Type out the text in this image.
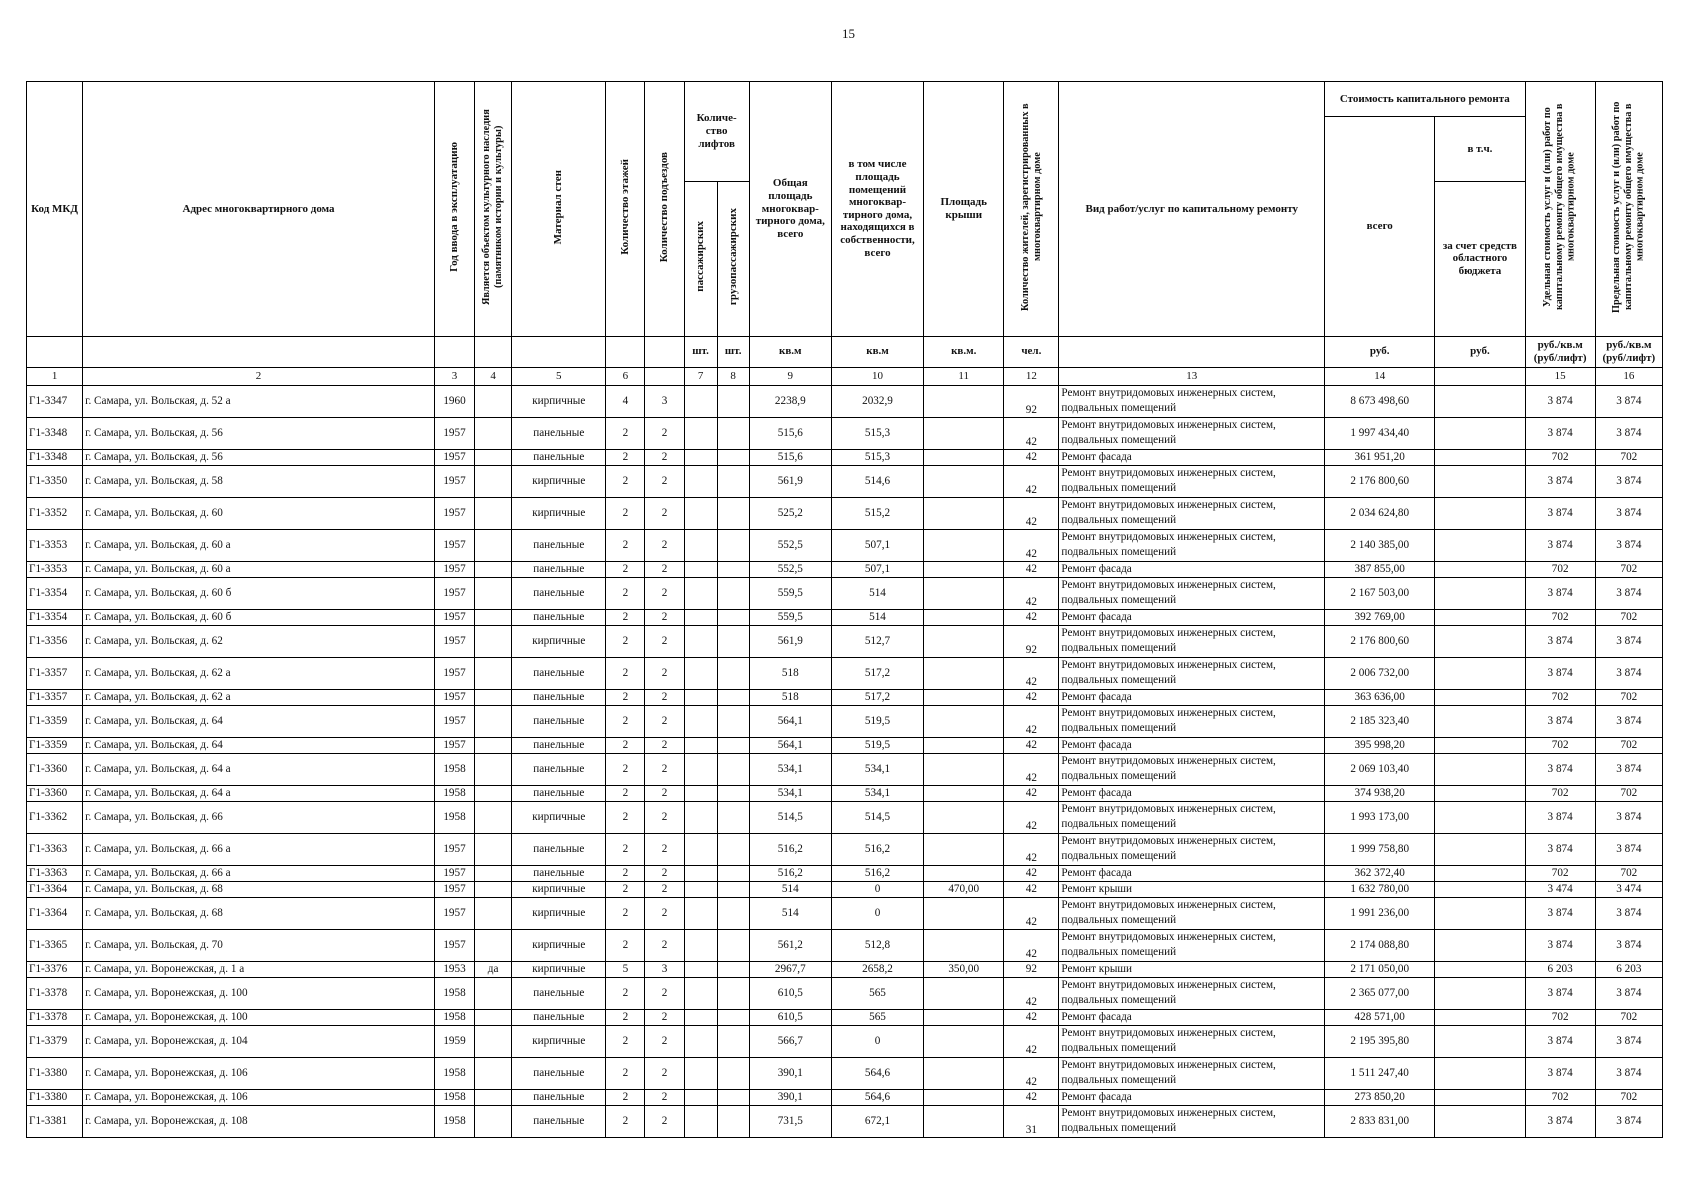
15
Код МКД	Адрес многоквартирного дома	Год ввода в эксплуатацию	Является объектом культурного наследия (памятником истории и культуры)	Материал стен	Количество этажей	Количество подъездов	Количе-ство лифтов		Общая площадь многоквар-тирного дома, всего	в том числе площадь помещений многоквар-тирного дома, находящихся в собственности, всего	Площадь крыши	Количество жителей, зарегистрированных в многоквартирном доме	Вид работ/услуг по капитальному ремонту	Стоимость капитального ремонта		Удельная стоимость услуг и (или) работ по капитальному ремонту общего имущества в многоквартирном доме	Предельная стоимость услуг и (или) работ по капитальному ремонту общего имущества в многоквартирном доме
														всего	в т.ч.		
							пассажирских	грузопассажирских							за счет средств областного бюджета		
							шт.	шт.	кв.м	кв.м	кв.м.	чел.		руб.	руб.	руб./кв.м (руб/лифт)	руб./кв.м (руб/лифт)
1	2	3	4	5	6		7	8	9	10	11	12	13	14		15	16
Г1-3347	г. Самара, ул. Вольская, д. 52 а	1960		кирпичные	4	3			2238,9	2032,9		92	Ремонт внутридомовых инженерных систем, подвальных помещений	8 673 498,60		3 874	3 874
Г1-3348	г. Самара, ул. Вольская, д. 56	1957		панельные	2	2			515,6	515,3		42	Ремонт внутридомовых инженерных систем, подвальных помещений	1 997 434,40		3 874	3 874
Г1-3348	г. Самара, ул. Вольская, д. 56	1957		панельные	2	2			515,6	515,3		42	Ремонт фасада	361 951,20		702	702
Г1-3350	г. Самара, ул. Вольская, д. 58	1957		кирпичные	2	2			561,9	514,6		42	Ремонт внутридомовых инженерных систем, подвальных помещений	2 176 800,60		3 874	3 874
Г1-3352	г. Самара, ул. Вольская, д. 60	1957		кирпичные	2	2			525,2	515,2		42	Ремонт внутридомовых инженерных систем, подвальных помещений	2 034 624,80		3 874	3 874
Г1-3353	г. Самара, ул. Вольская, д. 60 а	1957		панельные	2	2			552,5	507,1		42	Ремонт внутридомовых инженерных систем, подвальных помещений	2 140 385,00		3 874	3 874
Г1-3353	г. Самара, ул. Вольская, д. 60 а	1957		панельные	2	2			552,5	507,1		42	Ремонт фасада	387 855,00		702	702
Г1-3354	г. Самара, ул. Вольская, д. 60 б	1957		панельные	2	2			559,5	514		42	Ремонт внутридомовых инженерных систем, подвальных помещений	2 167 503,00		3 874	3 874
Г1-3354	г. Самара, ул. Вольская, д. 60 б	1957		панельные	2	2			559,5	514		42	Ремонт фасада	392 769,00		702	702
Г1-3356	г. Самара, ул. Вольская, д. 62	1957		кирпичные	2	2			561,9	512,7		92	Ремонт внутридомовых инженерных систем, подвальных помещений	2 176 800,60		3 874	3 874
Г1-3357	г. Самара, ул. Вольская, д. 62 а	1957		панельные	2	2			518	517,2		42	Ремонт внутридомовых инженерных систем, подвальных помещений	2 006 732,00		3 874	3 874
Г1-3357	г. Самара, ул. Вольская, д. 62 а	1957		панельные	2	2			518	517,2		42	Ремонт фасада	363 636,00		702	702
Г1-3359	г. Самара, ул. Вольская, д. 64	1957		панельные	2	2			564,1	519,5		42	Ремонт внутридомовых инженерных систем, подвальных помещений	2 185 323,40		3 874	3 874
Г1-3359	г. Самара, ул. Вольская, д. 64	1957		панельные	2	2			564,1	519,5		42	Ремонт фасада	395 998,20		702	702
Г1-3360	г. Самара, ул. Вольская, д. 64 а	1958		панельные	2	2			534,1	534,1		42	Ремонт внутридомовых инженерных систем, подвальных помещений	2 069 103,40		3 874	3 874
Г1-3360	г. Самара, ул. Вольская, д. 64 а	1958		панельные	2	2			534,1	534,1		42	Ремонт фасада	374 938,20		702	702
Г1-3362	г. Самара, ул. Вольская, д. 66	1958		кирпичные	2	2			514,5	514,5		42	Ремонт внутридомовых инженерных систем, подвальных помещений	1 993 173,00		3 874	3 874
Г1-3363	г. Самара, ул. Вольская, д. 66 а	1957		панельные	2	2			516,2	516,2		42	Ремонт внутридомовых инженерных систем, подвальных помещений	1 999 758,80		3 874	3 874
Г1-3363	г. Самара, ул. Вольская, д. 66 а	1957		панельные	2	2			516,2	516,2		42	Ремонт фасада	362 372,40		702	702
Г1-3364	г. Самара, ул. Вольская, д. 68	1957		кирпичные	2	2			514	0	470,00	42	Ремонт крыши	1 632 780,00		3 474	3 474
Г1-3364	г. Самара, ул. Вольская, д. 68	1957		кирпичные	2	2			514	0		42	Ремонт внутридомовых инженерных систем, подвальных помещений	1 991 236,00		3 874	3 874
Г1-3365	г. Самара, ул. Вольская, д. 70	1957		кирпичные	2	2			561,2	512,8		42	Ремонт внутридомовых инженерных систем, подвальных помещений	2 174 088,80		3 874	3 874
Г1-3376	г. Самара, ул. Воронежская, д. 1 а	1953	да	кирпичные	5	3			2967,7	2658,2	350,00	92	Ремонт крыши	2 171 050,00		6 203	6 203
Г1-3378	г. Самара, ул. Воронежская, д. 100	1958		панельные	2	2			610,5	565		42	Ремонт внутридомовых инженерных систем, подвальных помещений	2 365 077,00		3 874	3 874
Г1-3378	г. Самара, ул. Воронежская, д. 100	1958		панельные	2	2			610,5	565		42	Ремонт фасада	428 571,00		702	702
Г1-3379	г. Самара, ул. Воронежская, д. 104	1959		кирпичные	2	2			566,7	0		42	Ремонт внутридомовых инженерных систем, подвальных помещений	2 195 395,80		3 874	3 874
Г1-3380	г. Самара, ул. Воронежская, д. 106	1958		панельные	2	2			390,1	564,6		42	Ремонт внутридомовых инженерных систем, подвальных помещений	1 511 247,40		3 874	3 874
Г1-3380	г. Самара, ул. Воронежская, д. 106	1958		панельные	2	2			390,1	564,6		42	Ремонт фасада	273 850,20		702	702
Г1-3381	г. Самара, ул. Воронежская, д. 108	1958		панельные	2	2			731,5	672,1		31	Ремонт внутридомовых инженерных систем, подвальных помещений	2 833 831,00		3 874	3 874
